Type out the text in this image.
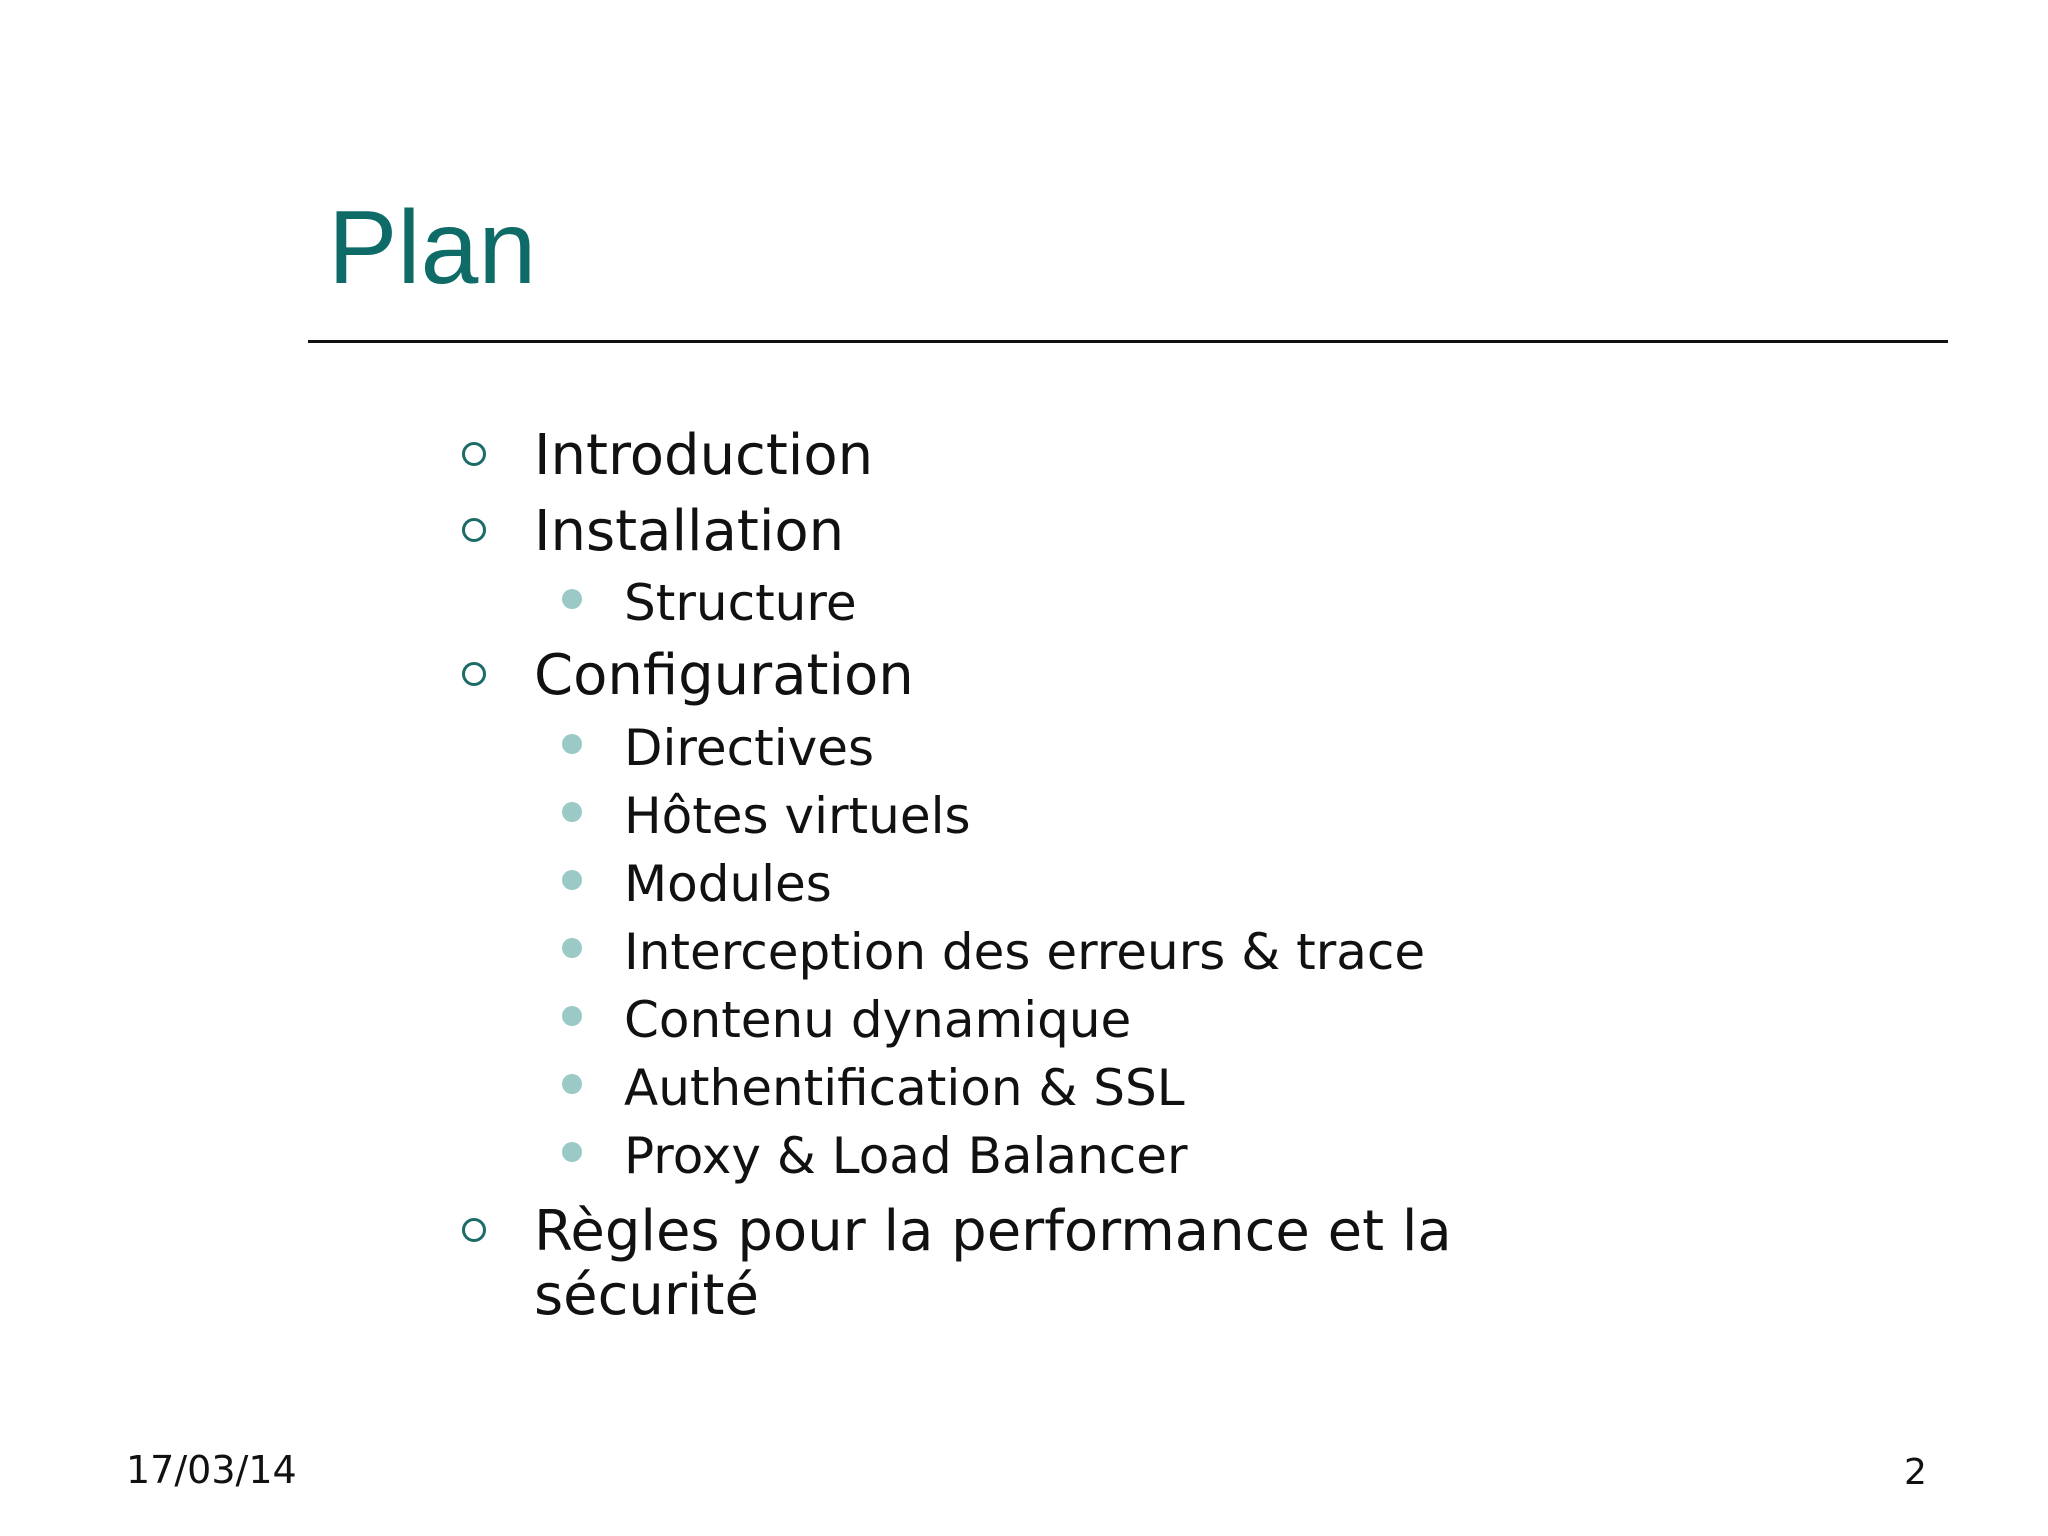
Plan
Introduction
Installation
Structure
Configuration
Directives
Hôtes virtuels
Modules
Interception des erreurs & trace
Contenu dynamique
Authentification & SSL
Proxy & Load Balancer
Règles pour la performance et la sécurité
17/03/14	2
